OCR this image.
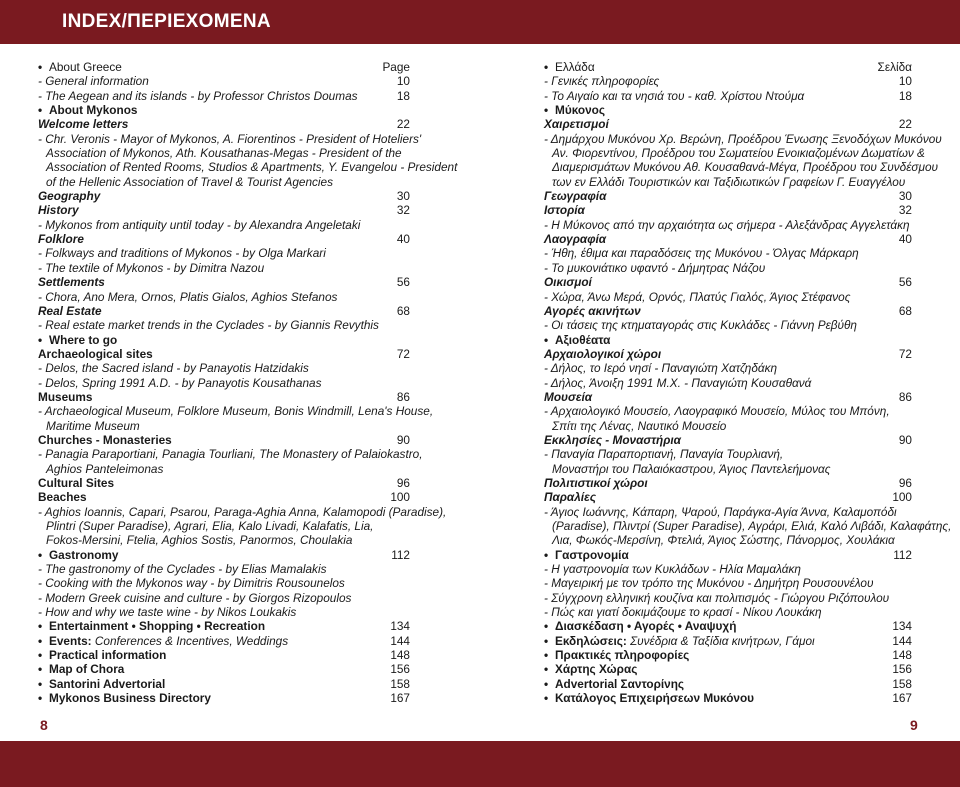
INDEX/ΠΕΡΙΕΧΟΜΕΝΑ
• About Greece	Page
- General information	10
- The Aegean and its islands - by Professor Christos Doumas	18
• About Mykonos
Welcome letters	22
- Chr. Veronis - Mayor of Mykonos, A. Fiorentinos - President of Hoteliers'
Association of Mykonos, Ath. Kousathanas-Megas - President of the
Association of Rented Rooms, Studios & Apartments, Y. Evangelou - President
of the Hellenic Association of Travel & Tourist Agencies
Geography	30
History	32
- Mykonos from antiquity until today - by Alexandra Angeletaki
Folklore	40
- Folkways and traditions of Mykonos - by Olga Markari
- The textile of Mykonos - by Dimitra Nazou
Settlements	56
- Chora, Ano Mera, Ornos, Platis Gialos, Aghios Stefanos
Real Estate	68
- Real estate market trends in the Cyclades - by Giannis Revythis
• Where to go
Archaeological sites	72
- Delos, the Sacred island - by Panayotis Hatzidakis
- Delos, Spring 1991 A.D. - by Panayotis Kousathanas
Museums	86
- Archaeological Museum, Folklore Museum, Bonis Windmill, Lena's House,
Maritime Museum
Churches - Monasteries	90
- Panagia Paraportiani, Panagia Tourliani, The Monastery of Palaiokastro,
Aghios Panteleimonas
Cultural Sites	96
Beaches	100
- Aghios Ioannis, Capari, Psarou, Paraga-Aghia Anna, Kalamopodi (Paradise),
Plintri (Super Paradise), Agrari, Elia, Kalo Livadi, Kalafatis, Lia,
Fokos-Mersini, Ftelia, Aghios Sostis, Panormos, Choulakia
• Gastronomy	112
- The gastronomy of the Cyclades - by Elias Mamalakis
- Cooking with the Mykonos way - by Dimitris Rousounelos
- Modern Greek cuisine and culture - by Giorgos Rizopoulos
- How and why we taste wine - by Nikos Loukakis
• Entertainment • Shopping • Recreation	134
• Events: Conferences & Incentives, Weddings	144
• Practical information	148
• Map of Chora	156
• Santorini Advertorial	158
• Mykonos Business Directory	167
• Ελλάδα	Σελίδα
- Γενικές πληροφορίες	10
- Το Αιγαίο και τα νησιά του - καθ. Χρίστου Ντούμα	18
• Μύκονος
Χαιρετισμοί	22
- Δημάρχου Μυκόνου Χρ. Βερώνη, Προέδρου Ένωσης Ξενοδόχων Μυκόνου
Αν. Φιορεντίνου, Προέδρου του Σωματείου Ενοικιαζομένων Δωματίων &
Διαμερισμάτων Μυκόνου Αθ. Κουσαθανά-Μέγα, Προέδρου του Συνδέσμου
των εν Ελλάδι Τουριστικών και Ταξιδιωτικών Γραφείων Γ. Ευαγγέλου
Γεωγραφία	30
Ιστορία	32
- Η Μύκονος από την αρχαιότητα ως σήμερα - Αλεξάνδρας Αγγελετάκη
Λαογραφία	40
- Ήθη, έθιμα και παραδόσεις της Μυκόνου - Όλγας Μάρκαρη
- Το μυκονιάτικο υφαντό - Δήμητρας Νάζου
Οικισμοί	56
- Χώρα, Άνω Μερά, Ορνός, Πλατύς Γιαλός, Άγιος Στέφανος
Αγορές ακινήτων	68
- Οι τάσεις της κτηματαγοράς στις Κυκλάδες - Γιάννη Ρεβύθη
• Αξιοθέατα
Αρχαιολογικοί χώροι	72
- Δήλος, το Ιερό νησί - Παναγιώτη Χατζηδάκη
- Δήλος, Άνοιξη 1991 Μ.Χ. - Παναγιώτη Κουσαθανά
Μουσεία	86
- Αρχαιολογικό Μουσείο, Λαογραφικό Μουσείο, Μύλος του Μπόνη,
Σπίτι της Λένας, Ναυτικό Μουσείο
Εκκλησίες - Μοναστήρια	90
- Παναγία Παραπορτιανή, Παναγία Τουρλιανή,
Μοναστήρι του Παλαιόκαστρου, Άγιος Παντελεήμονας
Πολιτιστικοί χώροι	96
Παραλίες	100
- Άγιος Ιωάννης, Κάπαρη, Ψαρού, Παράγκα-Αγία Άννα, Καλαμοπόδι
(Paradise), Πλιντρί (Super Paradise), Αγράρι, Ελιά, Καλό Λιβάδι, Καλαφάτης,
Λια, Φωκός-Μερσίνη, Φτελιά, Άγιος Σώστης, Πάνορμος, Χουλάκια
• Γαστρονομία	112
- Η γαστρονομία των Κυκλάδων - Ηλία Μαμαλάκη
- Μαγειρική με τον τρόπο της Μυκόνου - Δημήτρη Ρουσουνέλου
- Σύγχρονη ελληνική κουζίνα και πολιτισμός - Γιώργου Ριζόπουλου
- Πώς και γιατί δοκιμάζουμε το κρασί - Νίκου Λουκάκη
• Διασκέδαση • Αγορές • Αναψυχή	134
• Εκδηλώσεις: Συνέδρια & Ταξίδια κινήτρων, Γάμοι	144
• Πρακτικές πληροφορίες	148
• Χάρτης Χώρας	156
• Advertorial Σαντορίνης	158
• Κατάλογος Επιχειρήσεων Μυκόνου	167
8	9
